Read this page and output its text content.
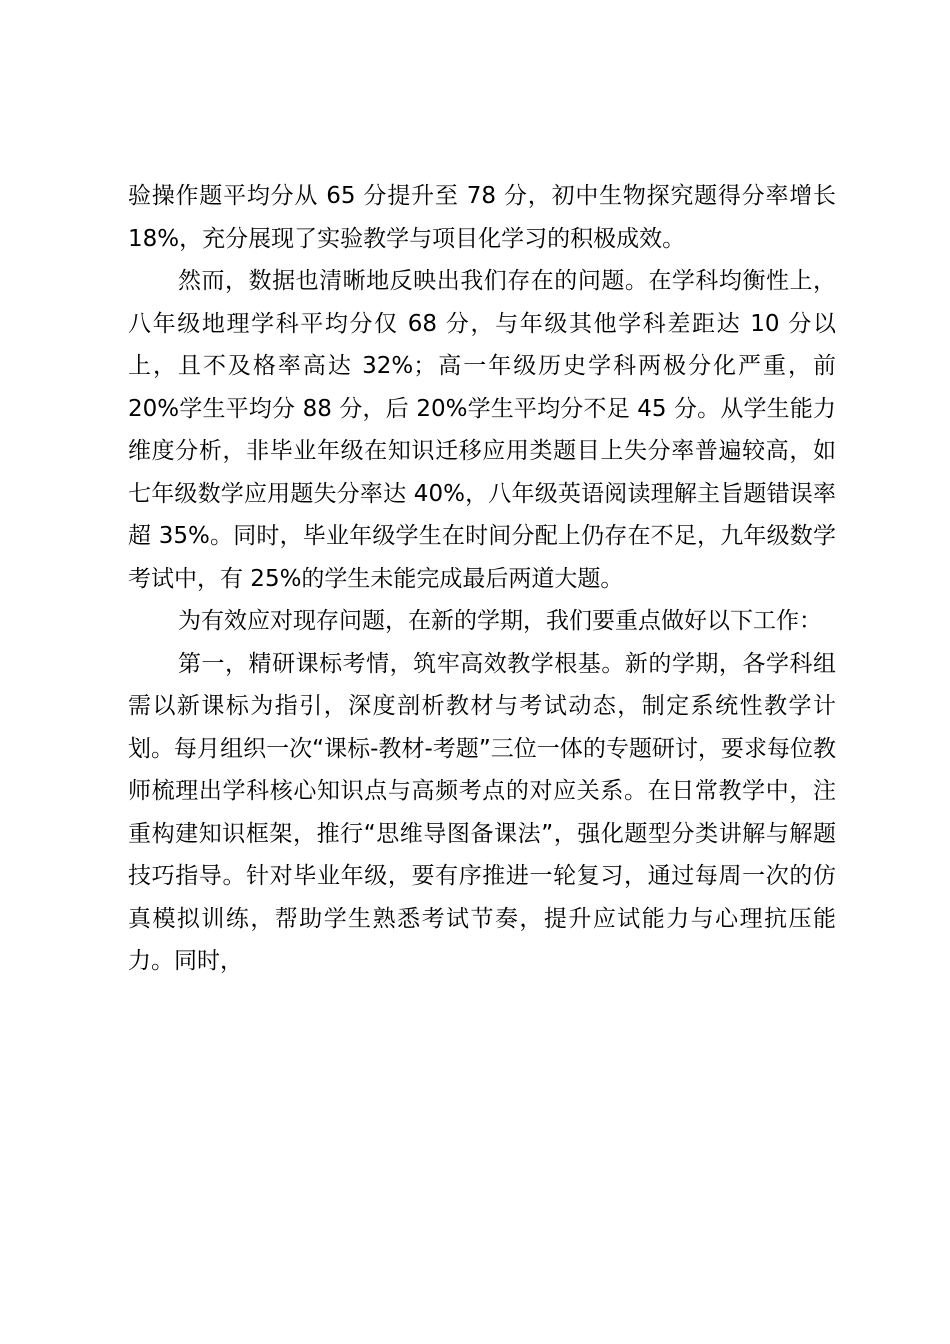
验操作题平均分从 65 分提升至 78 分，初中生物探究题得分率增长 18%，充分展现了实验教学与项目化学习的积极成效。

然而，数据也清晰地反映出我们存在的问题。在学科均衡性上，八年级地理学科平均分仅 68 分，与年级其他学科差距达 10 分以上，且不及格率高达 32%；高一年级历史学科两极分化严重，前 20%学生平均分 88 分，后 20%学生平均分不足 45 分。从学生能力维度分析，非毕业年级在知识迁移应用类题目上失分率普遍较高，如七年级数学应用题失分率达 40%，八年级英语阅读理解主旨题错误率超 35%。同时，毕业年级学生在时间分配上仍存在不足，九年级数学考试中，有 25%的学生未能完成最后两道大题。

为有效应对现存问题，在新的学期，我们要重点做好以下工作：

第一，精研课标考情，筑牢高效教学根基。新的学期，各学科组需以新课标为指引，深度剖析教材与考试动态，制定系统性教学计划。每月组织一次“课标-教材-考题”三位一体的专题研讨，要求每位教师梳理出学科核心知识点与高频考点的对应关系。在日常教学中，注重构建知识框架，推行“思维导图备课法”，强化题型分类讲解与解题技巧指导。针对毕业年级，要有序推进一轮复习，通过每周一次的仿真模拟训练，帮助学生熟悉考试节奏，提升应试能力与心理抗压能力。同时，
